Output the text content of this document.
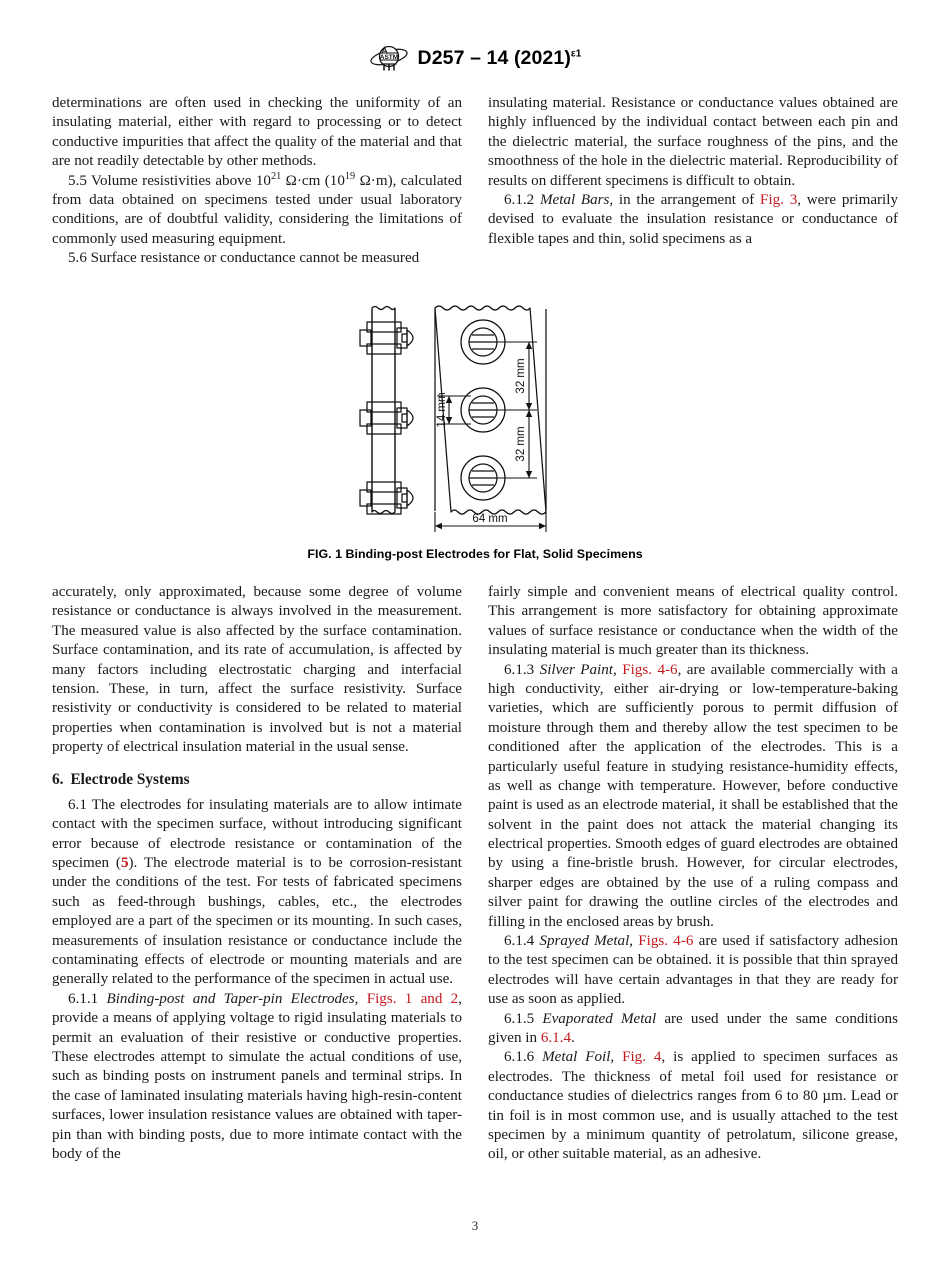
ASTM D257 – 14 $(2021)^{\varepsilon 1}$

determinations are often used in checking the uniformity of an insulating material, either with regard to processing or to detect conductive impurities that affect the quality of the material and that are not readily detectable by other methods.

5.5 Volume resistivities above $10^{21}$ Ω·cm ($10^{19}$ Ω·m), calculated from data obtained on specimens tested under usual laboratory conditions, are of doubtful validity, considering the limitations of commonly used measuring equipment.

5.6 Surface resistance or conductance cannot be measured

insulating material. Resistance or conductance values obtained are highly influenced by the individual contact between each pin and the dielectric material, the surface roughness of the pins, and the smoothness of the hole in the dielectric material. Reproducibility of results on different specimens is difficult to obtain.

6.1.2 Metal Bars, in the arrangement of Fig. 3, were primarily devised to evaluate the insulation resistance or conductance of flexible tapes and thin, solid specimens as a

32 mm
32 mm
14 mm
64 mm
FIG. 1 Binding-post Electrodes for Flat, Solid Specimens

accurately, only approximated, because some degree of volume resistance or conductance is always involved in the measurement. The measured value is also affected by the surface contamination. Surface contamination, and its rate of accumulation, is affected by many factors including electrostatic charging and interfacial tension. These, in turn, affect the surface resistivity. Surface resistivity or conductivity is considered to be related to material properties when contamination is involved but is not a material property of electrical insulation material in the usual sense.

6. Electrode Systems

6.1 The electrodes for insulating materials are to allow intimate contact with the specimen surface, without introducing significant error because of electrode resistance or contamination of the specimen (5). The electrode material is to be corrosion-resistant under the conditions of the test. For tests of fabricated specimens such as feed-through bushings, cables, etc., the electrodes employed are a part of the specimen or its mounting. In such cases, measurements of insulation resistance or conductance include the contaminating effects of electrode or mounting materials and are generally related to the performance of the specimen in actual use.

6.1.1 Binding-post and Taper-pin Electrodes, Figs. 1 and 2, provide a means of applying voltage to rigid insulating materials to permit an evaluation of their resistive or conductive properties. These electrodes attempt to simulate the actual conditions of use, such as binding posts on instrument panels and terminal strips. In the case of laminated insulating materials having high-resin-content surfaces, lower insulation resistance values are obtained with taper-pin than with binding posts, due to more intimate contact with the body of the

fairly simple and convenient means of electrical quality control. This arrangement is more satisfactory for obtaining approximate values of surface resistance or conductance when the width of the insulating material is much greater than its thickness.

6.1.3 Silver Paint, Figs. 4-6, are available commercially with a high conductivity, either air-drying or low-temperature-baking varieties, which are sufficiently porous to permit diffusion of moisture through them and thereby allow the test specimen to be conditioned after the application of the electrodes. This is a particularly useful feature in studying resistance-humidity effects, as well as change with temperature. However, before conductive paint is used as an electrode material, it shall be established that the solvent in the paint does not attack the material changing its electrical properties. Smooth edges of guard electrodes are obtained by using a fine-bristle brush. However, for circular electrodes, sharper edges are obtained by the use of a ruling compass and silver paint for drawing the outline circles of the electrodes and filling in the enclosed areas by brush.

6.1.4 Sprayed Metal, Figs. 4-6 are used if satisfactory adhesion to the test specimen can be obtained. it is possible that thin sprayed electrodes will have certain advantages in that they are ready for use as soon as applied.

6.1.5 Evaporated Metal are used under the same conditions given in 6.1.4.

6.1.6 Metal Foil, Fig. 4, is applied to specimen surfaces as electrodes. The thickness of metal foil used for resistance or conductance studies of dielectrics ranges from 6 to 80 µm. Lead or tin foil is in most common use, and is usually attached to the test specimen by a minimum quantity of petrolatum, silicone grease, oil, or other suitable material, as an adhesive.

3
